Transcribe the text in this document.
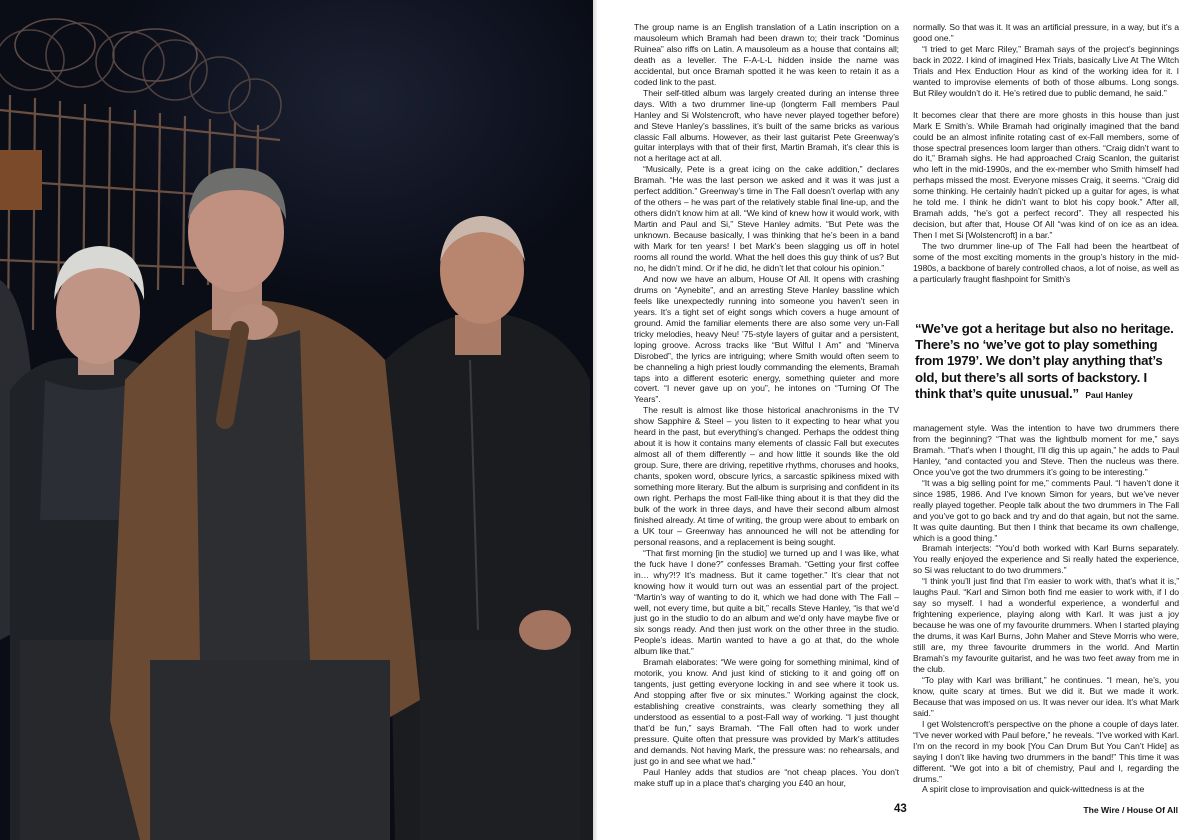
The group name is an English translation of a Latin inscription on a mausoleum which Bramah had been drawn to; their track “Dominus Ruinea” also riffs on Latin. A mausoleum as a house that contains all; death as a leveller. The F-A-L-L hidden inside the name was accidental, but once Bramah spotted it he was keen to retain it as a coded link to the past.

Their self-titled album was largely created during an intense three days. With a two drummer line-up (longterm Fall members Paul Hanley and Si Wolstencroft, who have never played together before) and Steve Hanley’s basslines, it’s built of the same bricks as various classic Fall albums. However, as their last guitarist Pete Greenway’s guitar interplays with that of their first, Martin Bramah, it’s clear this is not a heritage act at all.

“Musically, Pete is a great icing on the cake addition,” declares Bramah. “He was the last person we asked and it was it was just a perfect addition.” Greenway’s time in The Fall doesn’t overlap with any of the others – he was part of the relatively stable final line-up, and the others didn’t know him at all. “We kind of knew how it would work, with Martin and Paul and Si,” Steve Hanley admits. “But Pete was the unknown. Because basically, I was thinking that he’s been in a band with Mark for ten years! I bet Mark’s been slagging us off in hotel rooms all round the world. What the hell does this guy think of us? But no, he didn’t mind. Or if he did, he didn’t let that colour his opinion.”

And now we have an album, House Of All. It opens with crashing drums on “Aynebite”, and an arresting Steve Hanley bassline which feels like unexpectedly running into someone you haven’t seen in years. It’s a tight set of eight songs which covers a huge amount of ground. Amid the familiar elements there are also some very un-Fall tricky melodies, heavy Neu! ’75-style layers of guitar and a persistent, loping groove. Across tracks like “But Wilful I Am” and “Minerva Disrobed”, the lyrics are intriguing; where Smith would often seem to be channeling a high priest loudly commanding the elements, Bramah taps into a different esoteric energy, something quieter and more covert. “I never gave up on you”, he intones on “Turning Of The Years”.

The result is almost like those historical anachronisms in the TV show Sapphire & Steel – you listen to it expecting to hear what you heard in the past, but everything’s changed. Perhaps the oddest thing about it is how it contains many elements of classic Fall but executes almost all of them differently – and how little it sounds like the old group. Sure, there are driving, repetitive rhythms, choruses and hooks, chants, spoken word, obscure lyrics, a sarcastic spikiness mixed with something more literary. But the album is surprising and confident in its own right. Perhaps the most Fall-like thing about it is that they did the bulk of the work in three days, and have their second album almost finished already. At time of writing, the group were about to embark on a UK tour – Greenway has announced he will not be attending for personal reasons, and a replacement is being sought.

“That first morning [in the studio] we turned up and I was like, what the fuck have I done?” confesses Bramah. “Getting your first coffee in… why?!? It’s madness. But it came together.” It’s clear that not knowing how it would turn out was an essential part of the project. “Martin’s way of wanting to do it, which we had done with The Fall – well, not every time, but quite a bit,” recalls Steve Hanley, “is that we’d just go in the studio to do an album and we’d only have maybe five or six songs ready. And then just work on the other three in the studio. People’s ideas. Martin wanted to have a go at that, do the whole album like that.”

Bramah elaborates: “We were going for something minimal, kind of motorik, you know. And just kind of sticking to it and going off on tangents, just getting everyone locking in and see where it took us. And stopping after five or six minutes.” Working against the clock, establishing creative constraints, was clearly something they all understood as essential to a post-Fall way of working. “I just thought that’d be fun,” says Bramah. “The Fall often had to work under pressure. Quite often that pressure was provided by Mark’s attitudes and demands. Not having Mark, the pressure was: no rehearsals, and just go in and see what we had.”

Paul Hanley adds that studios are “not cheap places. You don’t make stuff up in a place that’s charging you £40 an hour,

normally. So that was it. It was an artificial pressure, in a way, but it’s a good one.”

“I tried to get Marc Riley,” Bramah says of the project’s beginnings back in 2022. I kind of imagined Hex Trials, basically Live At The Witch Trials and Hex Enduction Hour as kind of the working idea for it. I wanted to improvise elements of both of those albums. Long songs. But Riley wouldn’t do it. He’s retired due to public demand, he said.”

It becomes clear that there are more ghosts in this house than just Mark E Smith’s. While Bramah had originally imagined that the band could be an almost infinite rotating cast of ex-Fall members, some of those spectral presences loom larger than others. “Craig didn’t want to do it,” Bramah sighs. He had approached Craig Scanlon, the guitarist who left in the mid-1990s, and the ex-member who Smith himself had perhaps missed the most. Everyone misses Craig, it seems. “Craig did some thinking. He certainly hadn’t picked up a guitar for ages, is what he told me. I think he didn’t want to blot his copy book.” After all, Bramah adds, “he’s got a perfect record”. They all respected his decision, but after that, House Of All “was kind of on ice as an idea. Then I met Si [Wolstencroft] in a bar.”

The two drummer line-up of The Fall had been the heartbeat of some of the most exciting moments in the group’s history in the mid-1980s, a backbone of barely controlled chaos, a lot of noise, as well as a particularly fraught flashpoint for Smith’s

management style. Was the intention to have two drummers there from the beginning? “That was the lightbulb moment for me,” says Bramah. “That’s when I thought, I’ll dig this up again,” he adds to Paul Hanley, “and contacted you and Steve. Then the nucleus was there. Once you’ve got the two drummers it’s going to be interesting.”

“It was a big selling point for me,” comments Paul. “I haven’t done it since 1985, 1986. And I’ve known Simon for years, but we’ve never really played together. People talk about the two drummers in The Fall and you’ve got to go back and try and do that again, but not the same. It was quite daunting. But then I think that became its own challenge, which is a good thing.”

Bramah interjects: “You’d both worked with Karl Burns separately. You really enjoyed the experience and Si really hated the experience, so Si was reluctant to do two drummers.”

“I think you’ll just find that I’m easier to work with, that’s what it is,” laughs Paul. “Karl and Simon both find me easier to work with, if I do say so myself. I had a wonderful experience, a wonderful and frightening experience, playing along with Karl. It was just a joy because he was one of my favourite drummers. When I started playing the drums, it was Karl Burns, John Maher and Steve Morris who were, still are, my three favourite drummers in the world. And Martin Bramah’s my favourite guitarist, and he was two feet away from me in the club.

“To play with Karl was brilliant,” he continues. “I mean, he’s, you know, quite scary at times. But we did it. But we made it work. Because that was imposed on us. It was never our idea. It’s what Mark said.”

I get Wolstencroft’s perspective on the phone a couple of days later. “I’ve never worked with Paul before,” he reveals. “I’ve worked with Karl. I’m on the record in my book [You Can Drum But You Can’t Hide] as saying I don’t like having two drummers in the band!” This time it was different. “We got into a bit of chemistry, Paul and I, regarding the drums.”

A spirit close to improvisation and quick-wittedness is at the

“We’ve got a heritage but also no heritage. There’s no ‘we’ve got to play something from 1979’. We don’t play anything that’s old, but there’s all sorts of backstory. I think that’s quite unusual.” Paul Hanley
43	The Wire / House Of All
